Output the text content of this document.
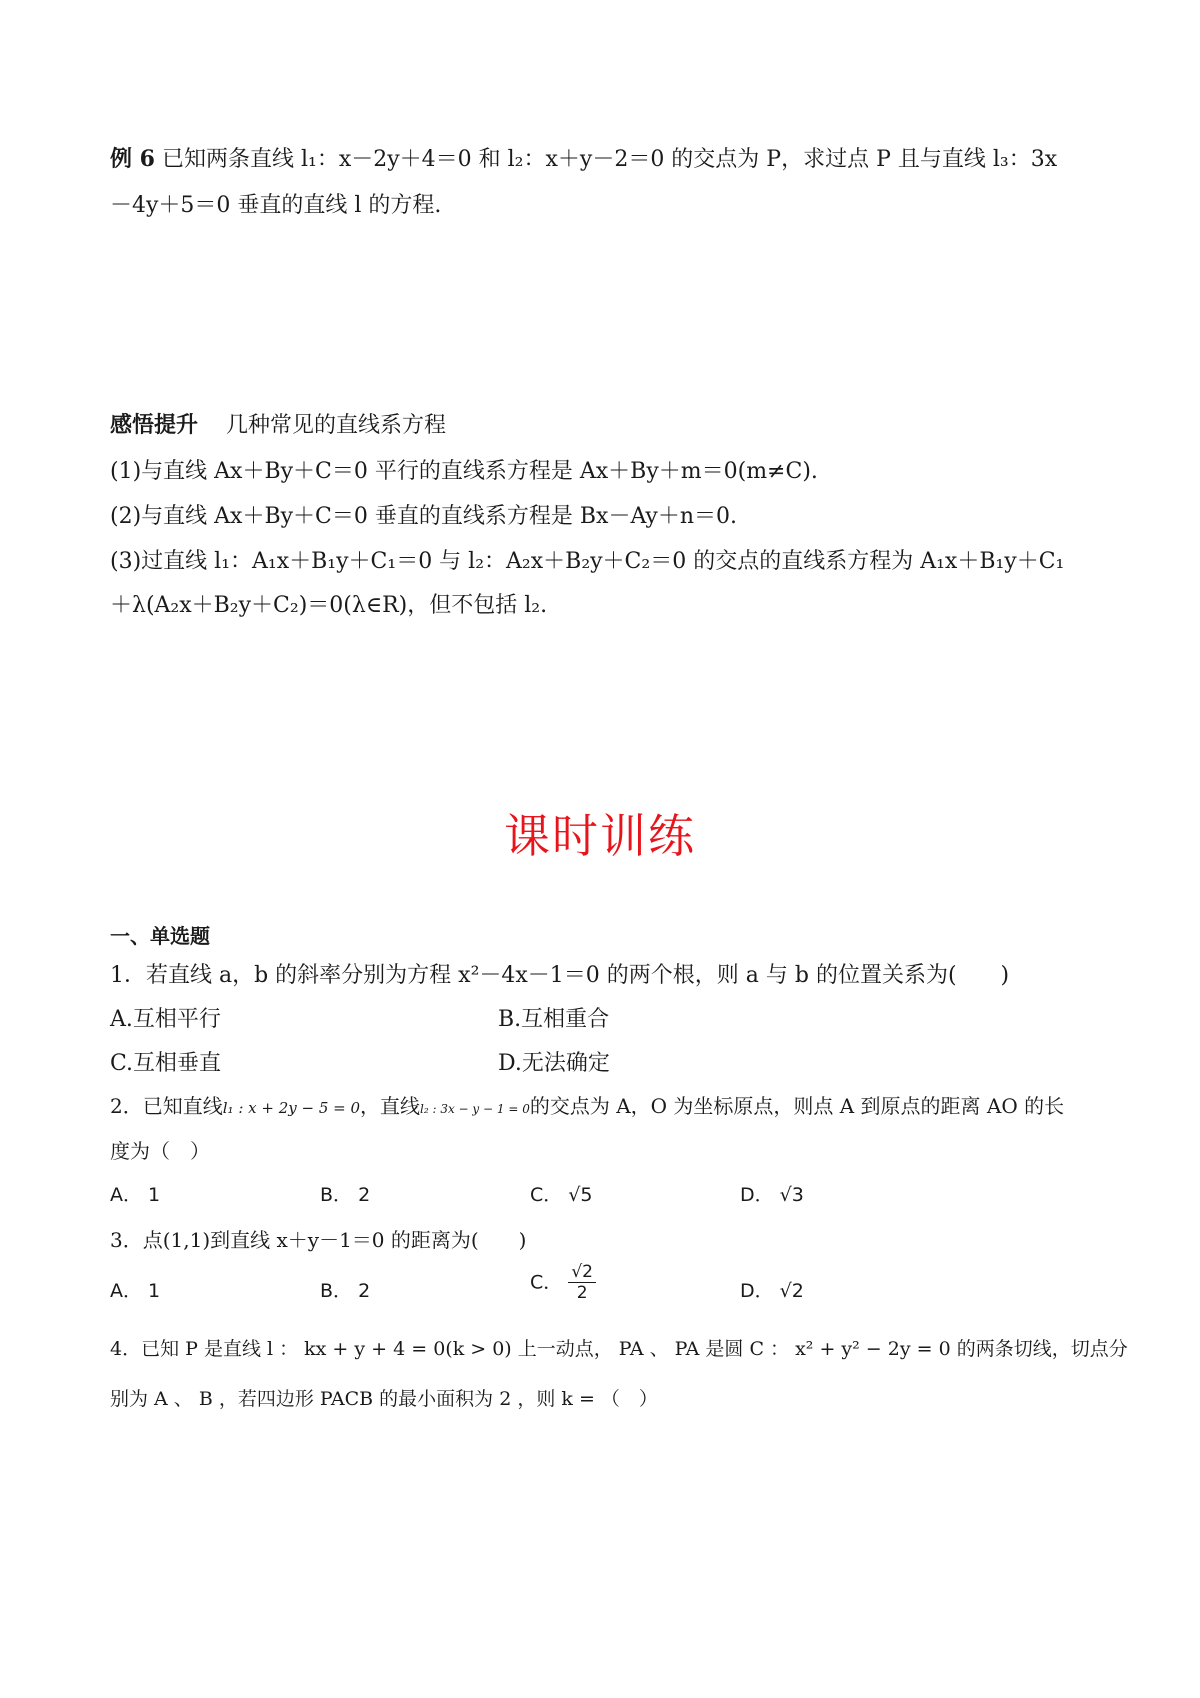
例 6 已知两条直线 l₁：x－2y＋4＝0 和 l₂：x＋y－2＝0 的交点为 P，求过点 P 且与直线 l₃：3x
－4y＋5＝0 垂直的直线 l 的方程.
感悟提升 几种常见的直线系方程
(1)与直线 Ax＋By＋C＝0 平行的直线系方程是 Ax＋By＋m＝0(m≠C).
(2)与直线 Ax＋By＋C＝0 垂直的直线系方程是 Bx－Ay＋n＝0.
(3)过直线 l₁：A₁x＋B₁y＋C₁＝0 与 l₂：A₂x＋B₂y＋C₂＝0 的交点的直线系方程为 A₁x＋B₁y＋C₁
＋λ(A₂x＋B₂y＋C₂)＝0(λ∈R)，但不包括 l₂.
课时训练
一、单选题
1．若直线 a，b 的斜率分别为方程 x²－4x－1＝0 的两个根，则 a 与 b 的位置关系为(　　)
A.互相平行	B.互相重合
C.互相垂直	D.无法确定
2．已知直线l₁ : x + 2y − 5 = 0，直线l₂ : 3x − y − 1 = 0的交点为 A，O 为坐标原点，则点 A 到原点的距离 AO 的长
度为（　）
A． 1	B． 2	C． √5	D． √3
3．点(1,1)到直线 x＋y－1＝0 的距离为(　　)
A． 1	B． 2	C． $\frac{√2}{2}$	D． √2
4．已知 P 是直线 l ： kx + y + 4 = 0(k > 0) 上一动点， PA 、 PA 是圆 C ： x² + y² − 2y = 0 的两条切线，切点分
别为 A 、 B ，若四边形 PACB 的最小面积为 2 ，则 k = （　）
